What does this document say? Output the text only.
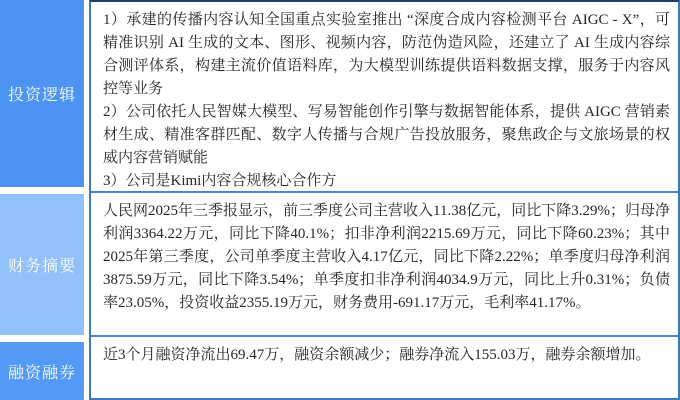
投资逻辑
财务摘要
融资融券

1）承建的传播内容认知全国重点实验室推出 “深度合成内容检测平台 AIGC - X”，可精准识别 AI 生成的文本、图形、视频内容，防范伪造风险，还建立了 AI 生成内容综合测评体系，构建主流价值语料库，为大模型训练提供语料数据支撑，服务于内容风控等业务

2）公司依托人民智媒大模型、写易智能创作引擎与数据智能体系，提供 AIGC 营销素材生成、精准客群匹配、数字人传播与合规广告投放服务，聚焦政企与文旅场景的权威内容营销赋能

3）公司是Kimi内容合规核心合作方

人民网2025年三季报显示，前三季度公司主营收入11.38亿元，同比下降3.29%；归母净利润3364.22万元，同比下降40.1%；扣非净利润2215.69万元，同比下降60.23%；其中2025年第三季度，公司单季度主营收入4.17亿元，同比下降2.22%；单季度归母净利润3875.59万元，同比下降3.54%；单季度扣非净利润4034.9万元，同比上升0.31%；负债率23.05%，投资收益2355.19万元，财务费用-691.17万元，毛利率41.17%。

近3个月融资净流出69.47万，融资余额减少；融券净流入155.03万，融券余额增加。
